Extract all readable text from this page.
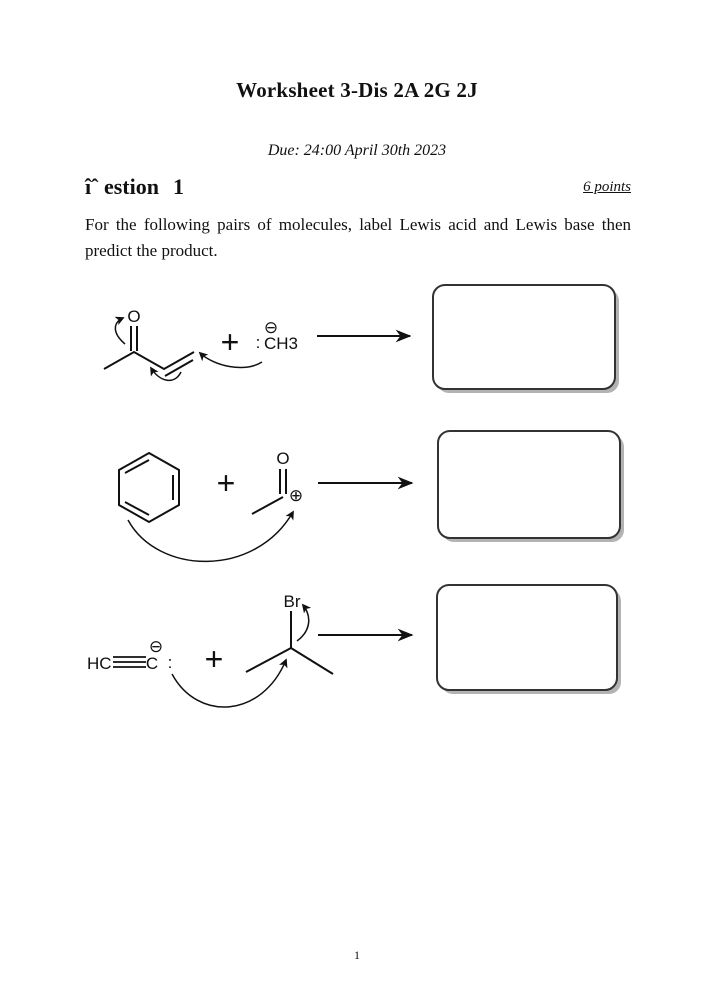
Worksheet 3-Dis 2A 2G 2J
Due: 24:00 April 30th 2023
îˆ estion 1	6 points
For the following pairs of molecules, label Lewis acid and Lewis base then predict the product.
O
+ ⊖
: CH3
+
O
⊕
HC C
⊖
: +
Br
1
